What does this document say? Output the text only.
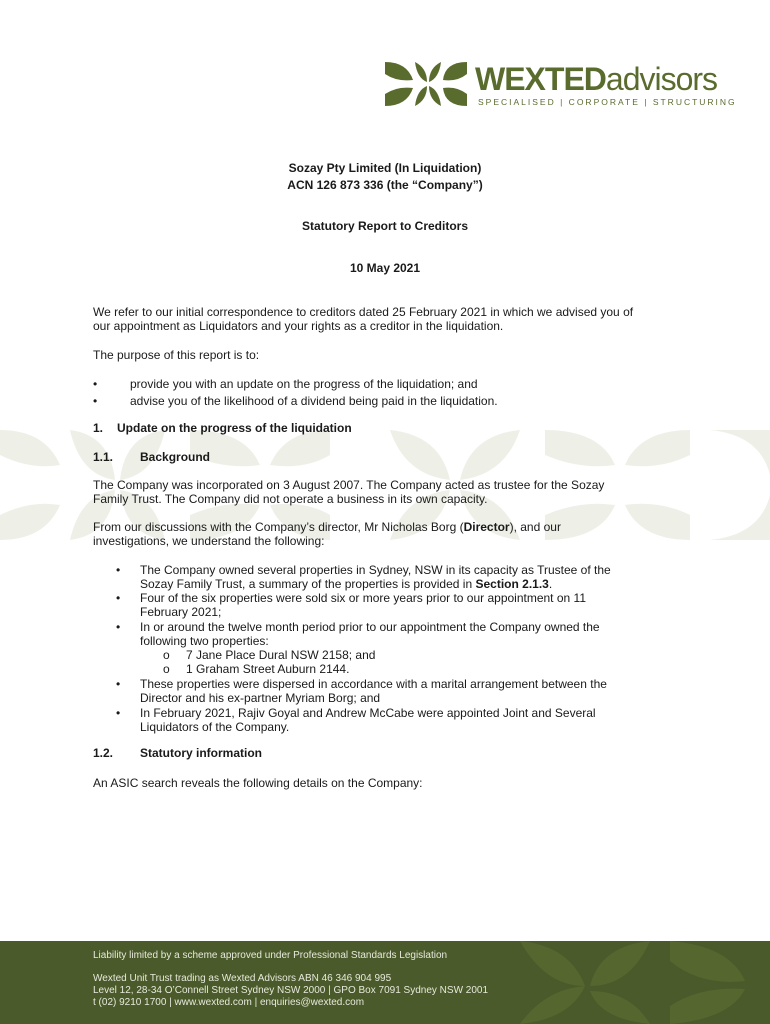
WEXTEDadvisors
SPECIALISED | CORPORATE | STRUCTURING
Sozay Pty Limited (In Liquidation)
ACN 126 873 336 (the “Company”)
Statutory Report to Creditors
10 May 2021
We refer to our initial correspondence to creditors dated 25 February 2021 in which we advised you of
our appointment as Liquidators and your rights as a creditor in the liquidation.
The purpose of this report is to:
•	provide you with an update on the progress of the liquidation; and
•	advise you of the likelihood of a dividend being paid in the liquidation.
1. Update on the progress of the liquidation
1.1. Background
The Company was incorporated on 3 August 2007. The Company acted as trustee for the Sozay
Family Trust. The Company did not operate a business in its own capacity.
From our discussions with the Company’s director, Mr Nicholas Borg (Director), and our
investigations, we understand the following:
• The Company owned several properties in Sydney, NSW in its capacity as Trustee of the
Sozay Family Trust, a summary of the properties is provided in Section 2.1.3.
• Four of the six properties were sold six or more years prior to our appointment on 11
February 2021;
• In or around the twelve month period prior to our appointment the Company owned the
following two properties:
o 7 Jane Place Dural NSW 2158; and
o 1 Graham Street Auburn 2144.
• These properties were dispersed in accordance with a marital arrangement between the
Director and his ex-partner Myriam Borg; and
• In February 2021, Rajiv Goyal and Andrew McCabe were appointed Joint and Several
Liquidators of the Company.
1.2. Statutory information
An ASIC search reveals the following details on the Company:
Liability limited by a scheme approved under Professional Standards Legislation
Wexted Unit Trust trading as Wexted Advisors ABN 46 346 904 995
Level 12, 28-34 O’Connell Street Sydney NSW 2000 | GPO Box 7091 Sydney NSW 2001
t (02) 9210 1700 | www.wexted.com | enquiries@wexted.com
